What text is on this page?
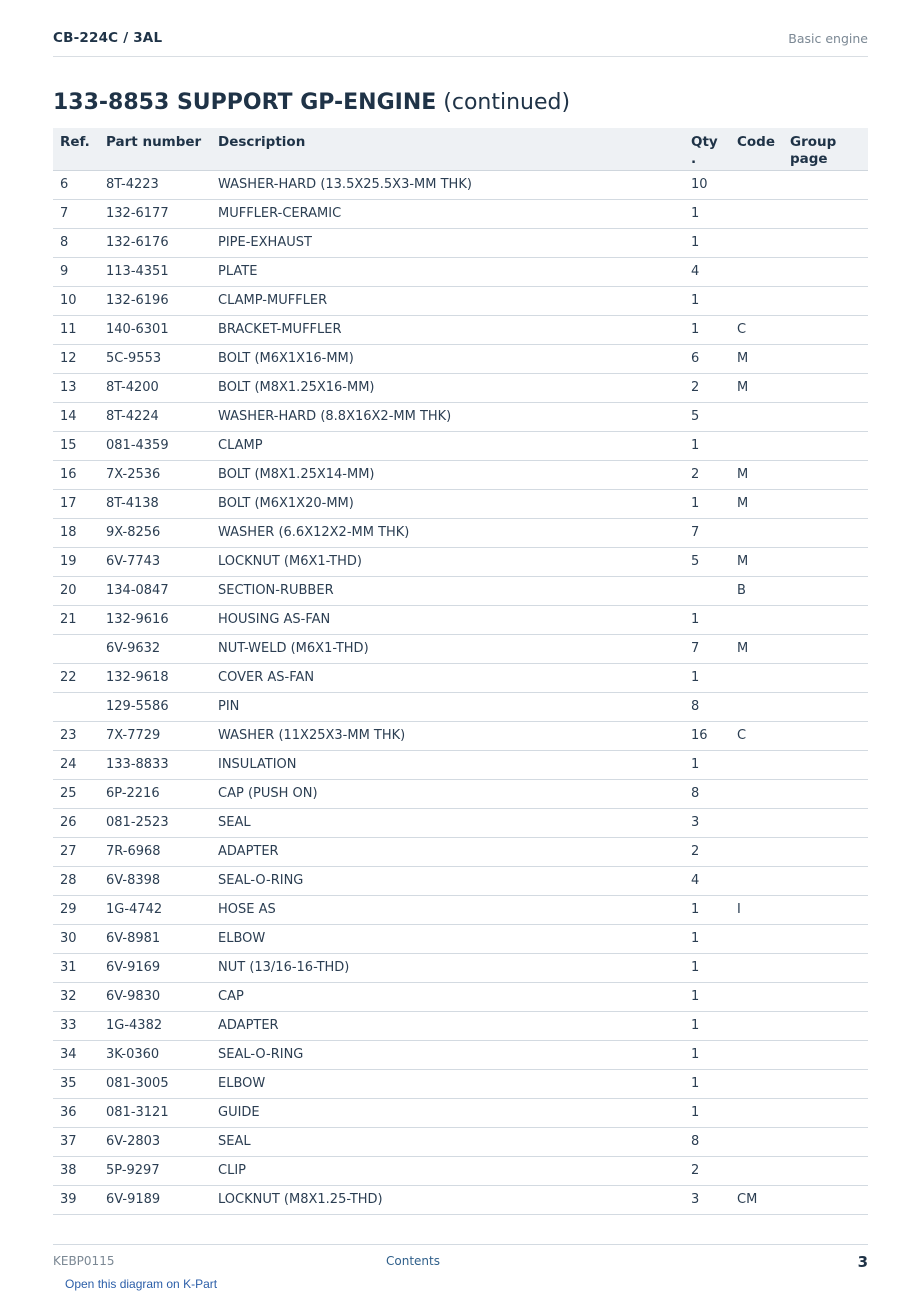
CB-224C / 3AL	Basic engine
133-8853 SUPPORT GP-ENGINE (continued)
Ref.	Part number	Description	Qty .	Code	Group page

6	8T-4223	WASHER-HARD (13.5X25.5X3-MM THK)	10		
7	132-6177	MUFFLER-CERAMIC	1		
8	132-6176	PIPE-EXHAUST	1		
9	113-4351	PLATE	4		
10	132-6196	CLAMP-MUFFLER	1		
11	140-6301	BRACKET-MUFFLER	1	C	
12	5C-9553	BOLT (M6X1X16-MM)	6	M	
13	8T-4200	BOLT (M8X1.25X16-MM)	2	M	
14	8T-4224	WASHER-HARD (8.8X16X2-MM THK)	5		
15	081-4359	CLAMP	1		
16	7X-2536	BOLT (M8X1.25X14-MM)	2	M	
17	8T-4138	BOLT (M6X1X20-MM)	1	M	
18	9X-8256	WASHER (6.6X12X2-MM THK)	7		
19	6V-7743	LOCKNUT (M6X1-THD)	5	M	
20	134-0847	SECTION-RUBBER		B	
21	132-9616	HOUSING AS-FAN	1		
	6V-9632	NUT-WELD (M6X1-THD)	7	M	
22	132-9618	COVER AS-FAN	1		
	129-5586	PIN	8		
23	7X-7729	WASHER (11X25X3-MM THK)	16	C	
24	133-8833	INSULATION	1		
25	6P-2216	CAP (PUSH ON)	8		
26	081-2523	SEAL	3		
27	7R-6968	ADAPTER	2		
28	6V-8398	SEAL-O-RING	4		
29	1G-4742	HOSE AS	1	I	
30	6V-8981	ELBOW	1		
31	6V-9169	NUT (13/16-16-THD)	1		
32	6V-9830	CAP	1		
33	1G-4382	ADAPTER	1		
34	3K-0360	SEAL-O-RING	1		
35	081-3005	ELBOW	1		
36	081-3121	GUIDE	1		
37	6V-2803	SEAL	8		
38	5P-9297	CLIP	2		
39	6V-9189	LOCKNUT (M8X1.25-THD)	3	CM	
KEBP0115	Contents	3
Open this diagram on K-Part
